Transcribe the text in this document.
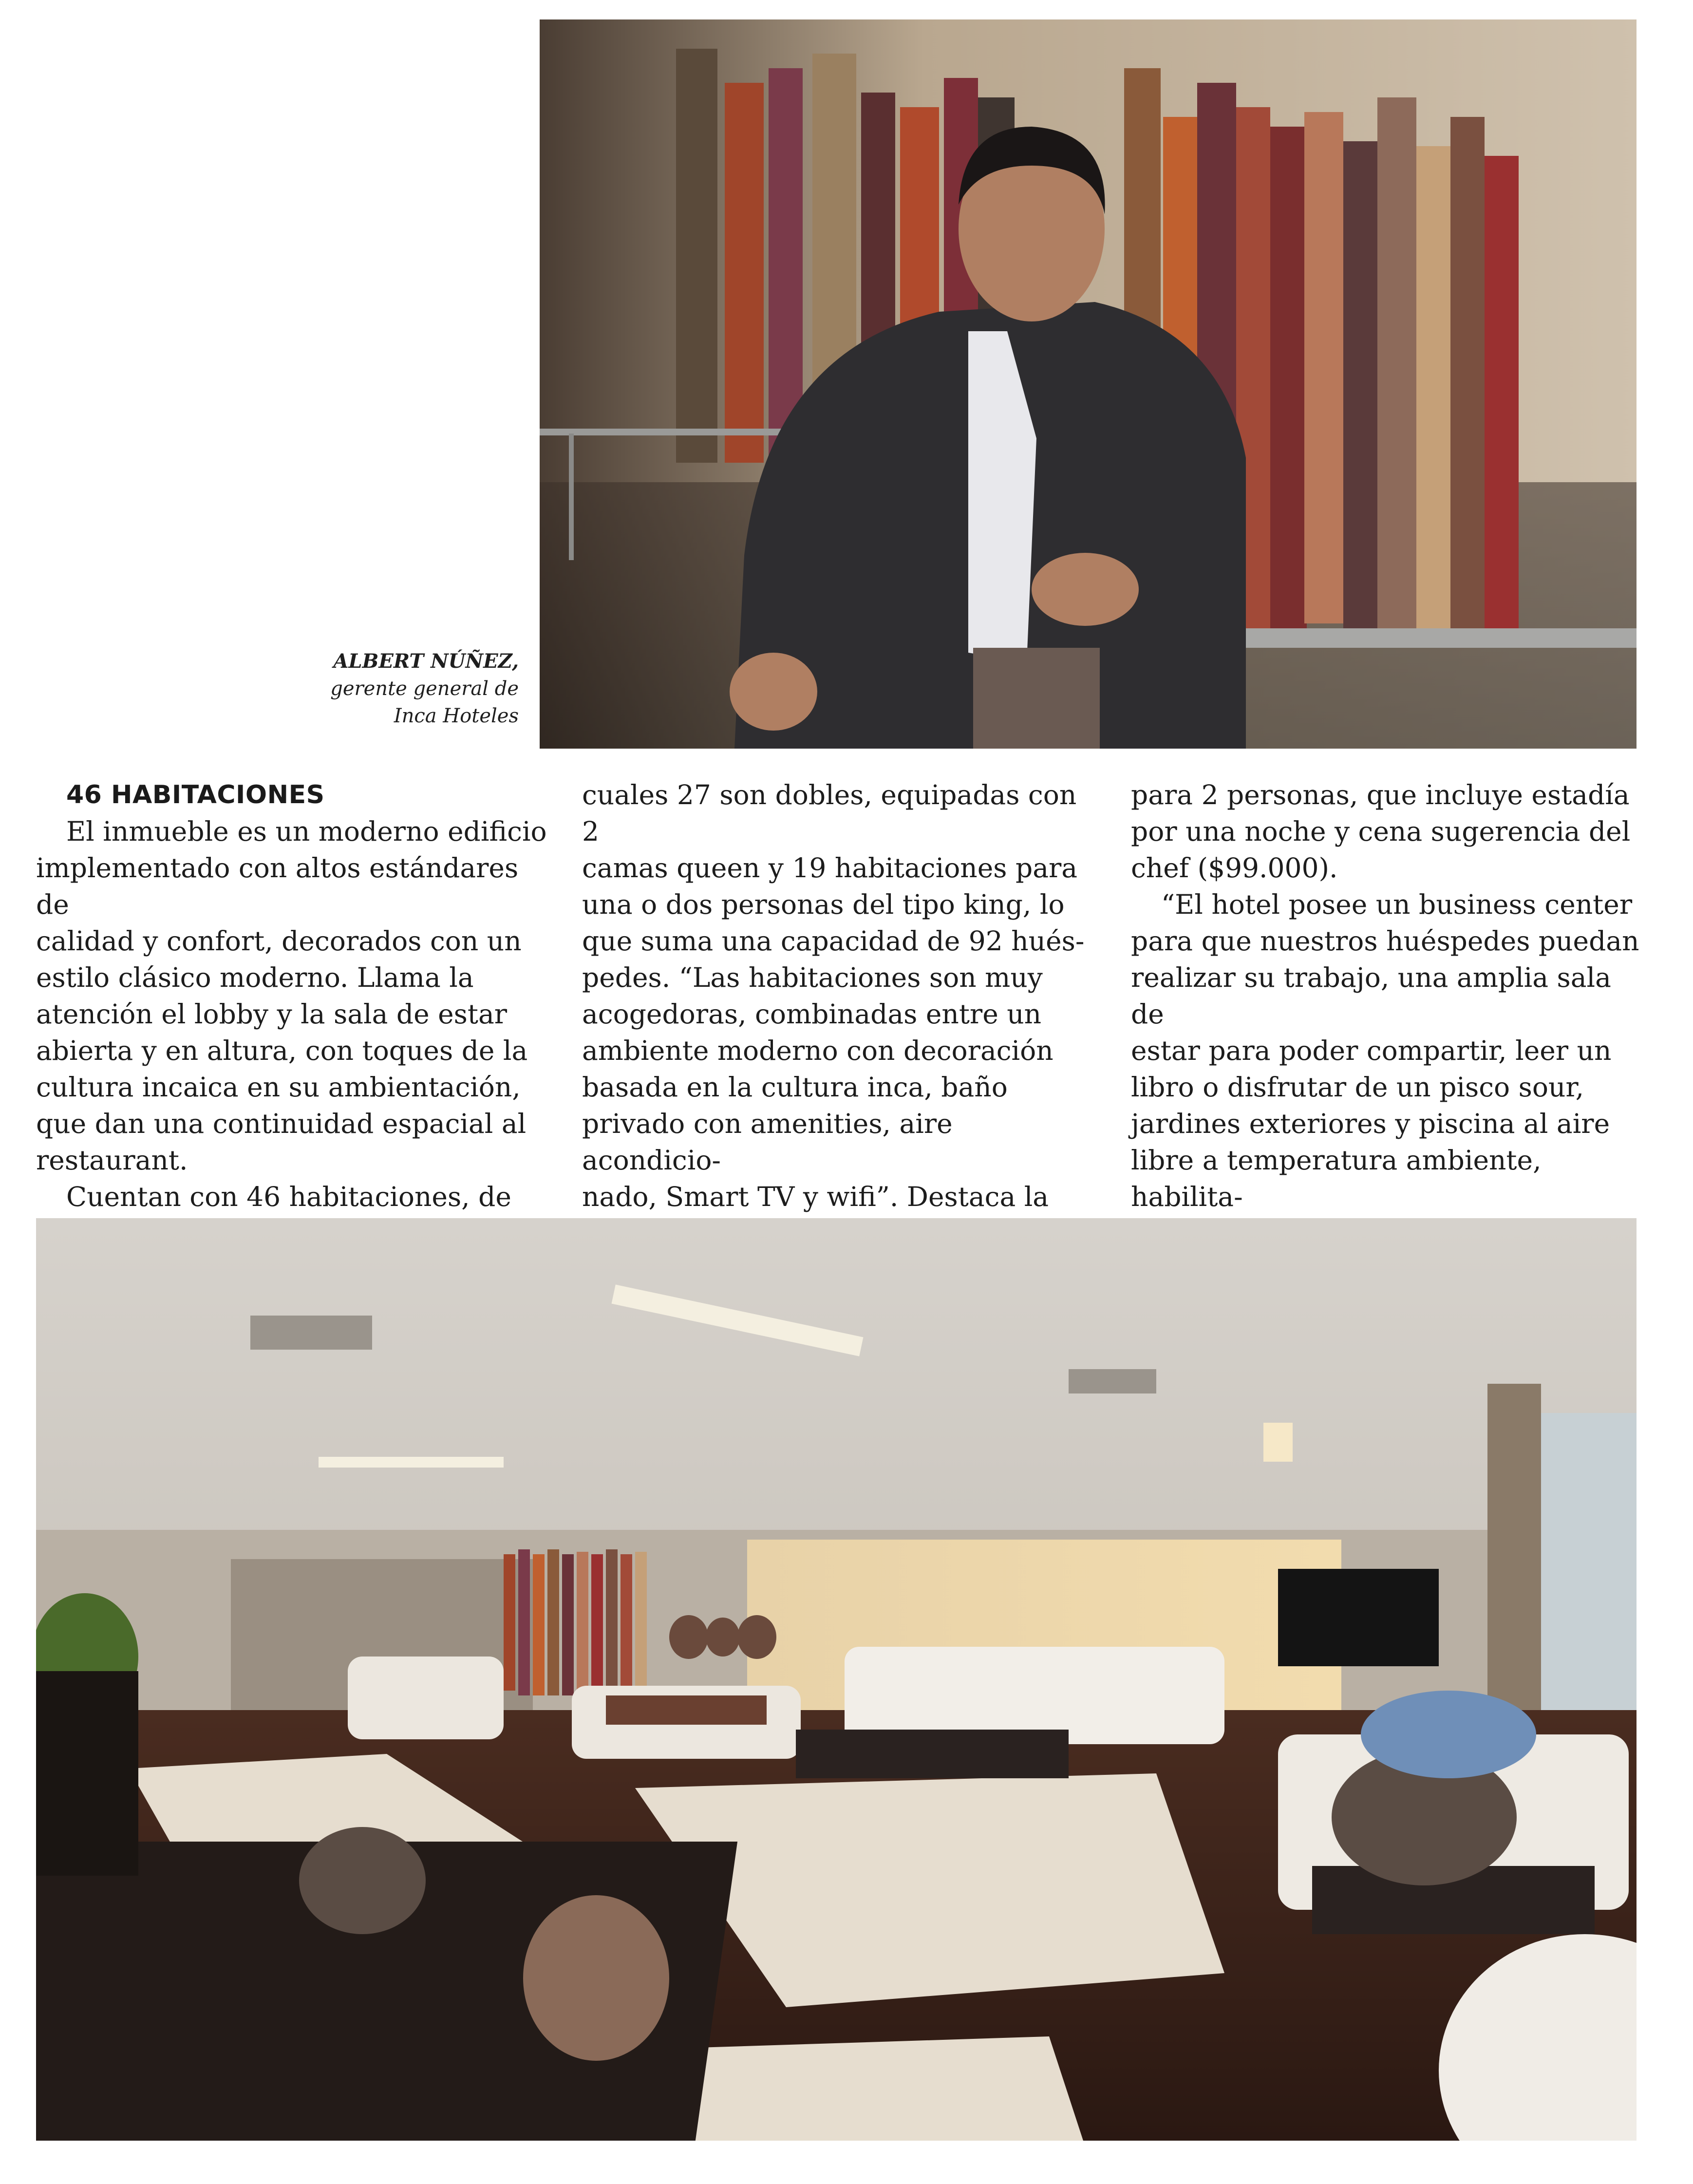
ALBERT NÚÑEZ,
gerente general de
Inca Hoteles
46 HABITACIONES

El inmueble es un moderno edificio

implementado con altos estándares de

calidad y confort, decorados con un

estilo clásico moderno. Llama la

atención el lobby y la sala de estar

abierta y en altura, con toques de la

cultura incaica en su ambientación,

que dan una continuidad espacial al

restaurant.

Cuentan con 46 habitaciones, de

cuales 27 son dobles, equipadas con 2

camas queen y 19 habitaciones para

una o dos personas del tipo king, lo

que suma una capacidad de 92 hués-

pedes. “Las habitaciones son muy

acogedoras, combinadas entre un

ambiente moderno con decoración

basada en la cultura inca, baño

privado con amenities, aire acondicio-

nado, Smart TV y wifi”. Destaca la

para 2 personas, que incluye estadía

por una noche y cena sugerencia del

chef ($99.000).

“El hotel posee un business center

para que nuestros huéspedes puedan

realizar su trabajo, una amplia sala de

estar para poder compartir, leer un

libro o disfrutar de un pisco sour,

jardines exteriores y piscina al aire

libre a temperatura ambiente, habilita-
